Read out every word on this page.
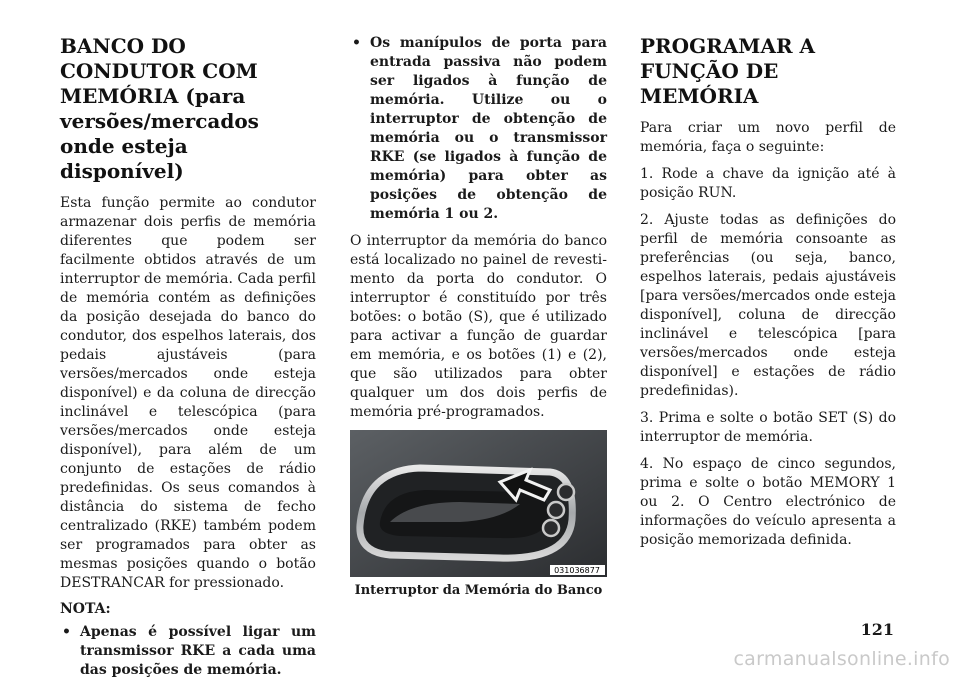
BANCO DO CONDUTOR COM MEMÓRIA (para versões/mercados onde esteja disponível)

Esta função permite ao condutor armazenar dois perfis de memória diferentes que podem ser facilmente obtidos através de um interruptor de memória. Cada perfil de memória contém as definições da posição desejada do banco do condutor, dos espelhos laterais, dos pedais ajustáveis (para versões/mercados onde esteja disponível) e da coluna de direcção inclinável e telescópica (para versões/mercados onde esteja disponível), para além de um conjunto de estações de rádio predefinidas. Os seus comandos à distância do sistema de fecho centralizado (RKE) também podem ser programados para obter as mesmas posições quando o botão DESTRANCAR for pressionado.

NOTA:
• Apenas é possível ligar um transmissor RKE a cada uma das posições de memória.
• Os manípulos de porta para entrada passiva não podem ser ligados à função de memória. Utilize ou o interruptor de obtenção de memória ou o transmissor RKE (se ligados à função de memória) para obter as posições de obtenção de memória 1 ou 2.

O interruptor da memória do banco está localizado no painel de revestimento da porta do condutor. O interruptor é constituído por três botões: o botão (S), que é utilizado para activar a função de guardar em memória, e os botões (1) e (2), que são utilizados para obter qualquer um dos dois perfis de memória pré-programados.

031036877

Interruptor da Memória do Banco

PROGRAMAR A FUNÇÃO DE MEMÓRIA

Para criar um novo perfil de memória, faça o seguinte:

1. Rode a chave da ignição até à posição RUN.

2. Ajuste todas as definições do perfil de memória consoante as preferências (ou seja, banco, espelhos laterais, pedais ajustáveis [para versões/mercados onde esteja disponível], coluna de direcção inclinável e telescópica [para versões/mercados onde esteja disponível] e estações de rádio predefinidas).

3. Prima e solte o botão SET (S) do interruptor de memória.

4. No espaço de cinco segundos, prima e solte o botão MEMORY 1 ou 2. O Centro electrónico de informações do veículo apresenta a posição memorizada definida.

121
carmanualsonline.info
